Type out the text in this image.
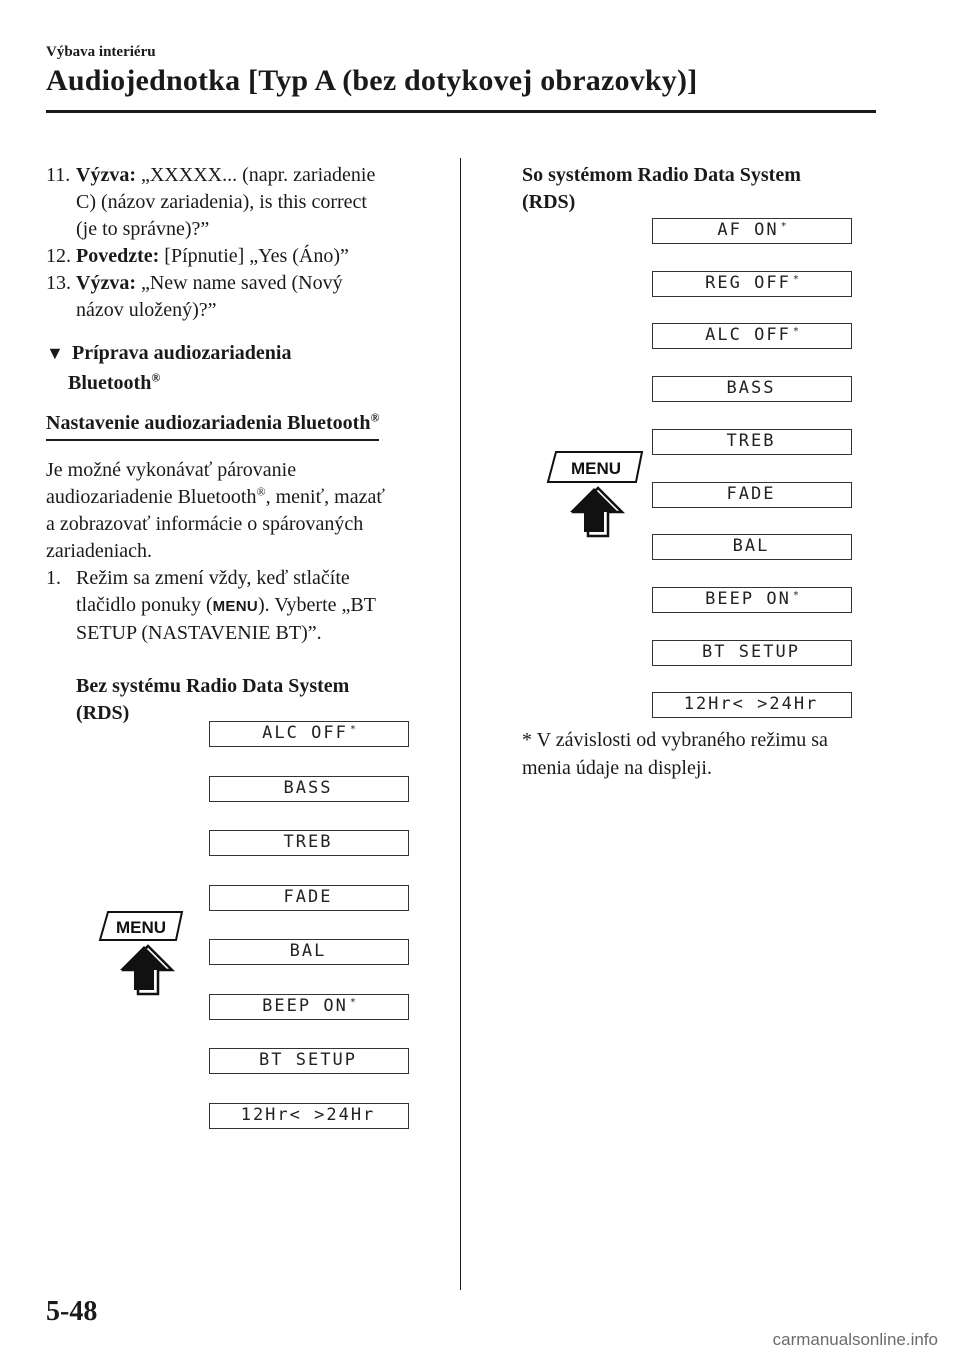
Výbava interiéru
Audiojednotka [Typ A (bez dotykovej obrazovky)]
11. Výzva: „XXXXX... (napr. zariadenie
C) (názov zariadenia), is this correct
(je to správne)?”
12. Povedzte: [Pípnutie] „Yes (Áno)”
13. Výzva: „New name saved (Nový
názov uložený)?”
▼ Príprava audiozariadenia
Bluetooth®
Nastavenie audiozariadenia Bluetooth®
Je možné vykonávať párovanie
audiozariadenie Bluetooth®, meniť, mazať
a zobrazovať informácie o spárovaných
zariadeniach.
1. Režim sa zmení vždy, keď stlačíte
tlačidlo ponuky (MENU). Vyberte „BT
SETUP (NASTAVENIE BT)”.
Bez systému Radio Data System
(RDS)
ALC OFF *
BASS
TREB
FADE
BAL
BEEP ON *
BT SETUP
12Hr< >24Hr
MENU
So systémom Radio Data System
(RDS)
AF ON *
REG OFF *
ALC OFF *
BASS
TREB
FADE
BAL
BEEP ON *
BT SETUP
12Hr< >24Hr
MENU
* V závislosti od vybraného režimu sa
menia údaje na displeji.
5-48
carmanualsonline.info
